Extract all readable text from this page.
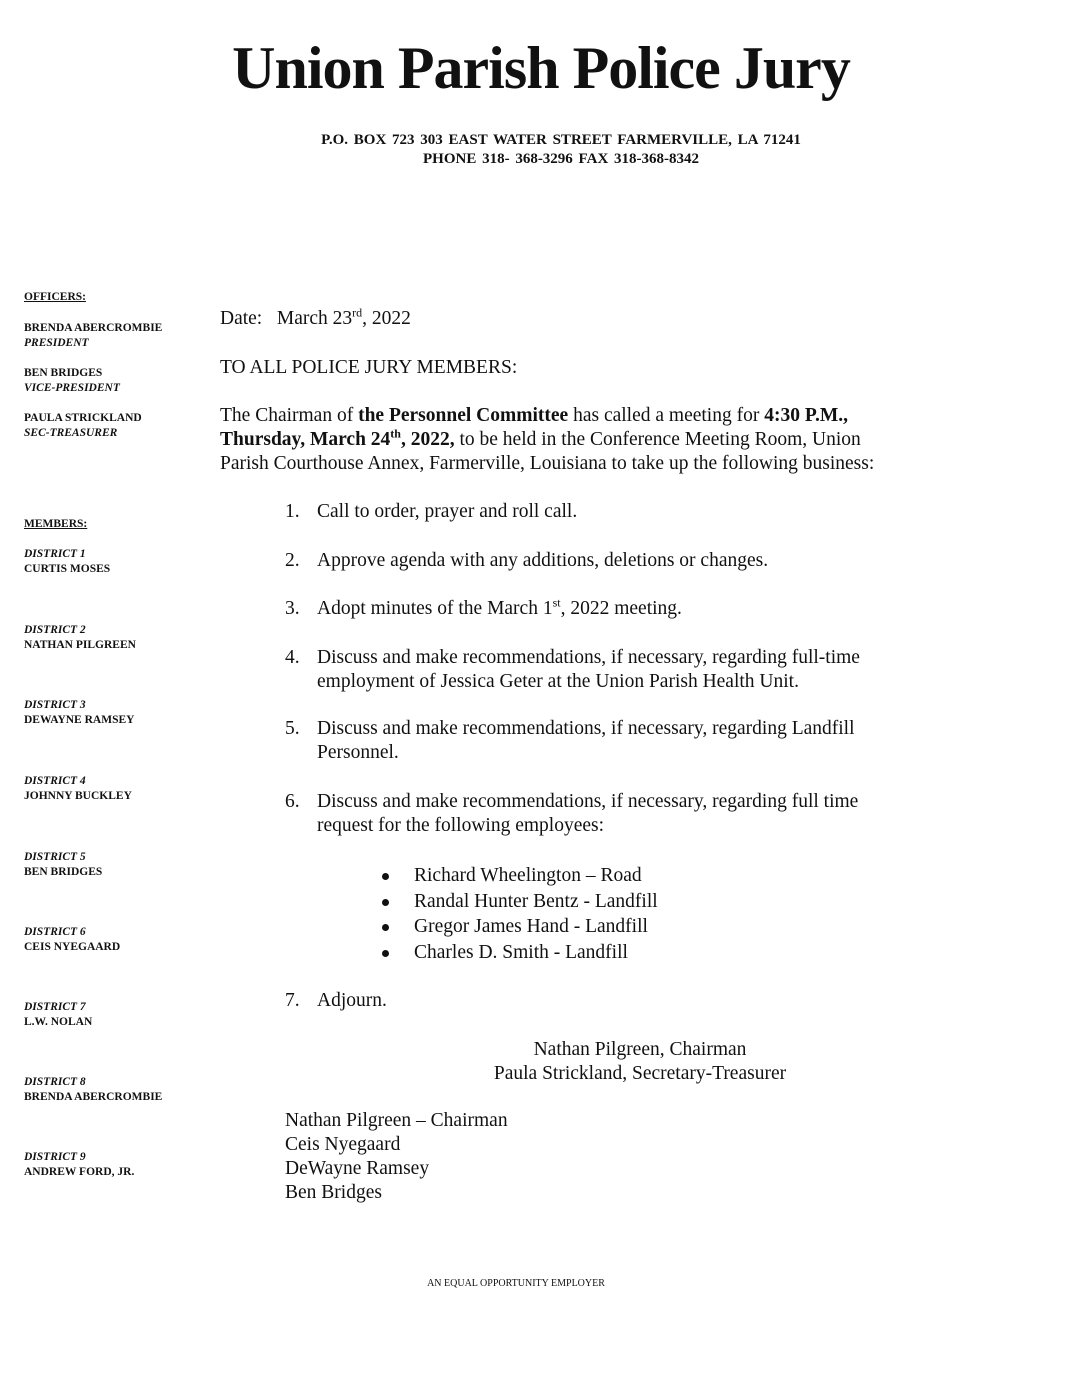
Union Parish Police Jury
P.O. BOX 723 303 EAST WATER STREET FARMERVILLE, LA 71241
PHONE 318- 368-3296 FAX 318-368-8342
OFFICERS:
BRENDA ABERCROMBIE
PRESIDENT
BEN BRIDGES
VICE-PRESIDENT
PAULA STRICKLAND
SEC-TREASURER
MEMBERS:
DISTRICT 1
CURTIS MOSES
DISTRICT 2
NATHAN PILGREEN
DISTRICT 3
DEWAYNE RAMSEY
DISTRICT 4
JOHNNY BUCKLEY
DISTRICT 5
BEN BRIDGES
DISTRICT 6
CEIS NYEGAARD
DISTRICT 7
L.W. NOLAN
DISTRICT 8
BRENDA ABERCROMBIE
DISTRICT 9
ANDREW FORD, JR.
Date: March 23rd, 2022
TO ALL POLICE JURY MEMBERS:
The Chairman of the Personnel Committee has called a meeting for 4:30 P.M.,
Thursday, March 24th, 2022, to be held in the Conference Meeting Room, Union
Parish Courthouse Annex, Farmerville, Louisiana to take up the following business:
1. Call to order, prayer and roll call.
2. Approve agenda with any additions, deletions or changes.
3. Adopt minutes of the March 1st, 2022 meeting.
4. Discuss and make recommendations, if necessary, regarding full-time
employment of Jessica Geter at the Union Parish Health Unit.
5. Discuss and make recommendations, if necessary, regarding Landfill
Personnel.
6. Discuss and make recommendations, if necessary, regarding full time
request for the following employees:
Richard Wheelington – Road
Randal Hunter Bentz - Landfill
Gregor James Hand - Landfill
Charles D. Smith - Landfill
7. Adjourn.
Nathan Pilgreen, Chairman
Paula Strickland, Secretary-Treasurer
Nathan Pilgreen – Chairman
Ceis Nyegaard
DeWayne Ramsey
Ben Bridges
AN EQUAL OPPORTUNITY EMPLOYER
